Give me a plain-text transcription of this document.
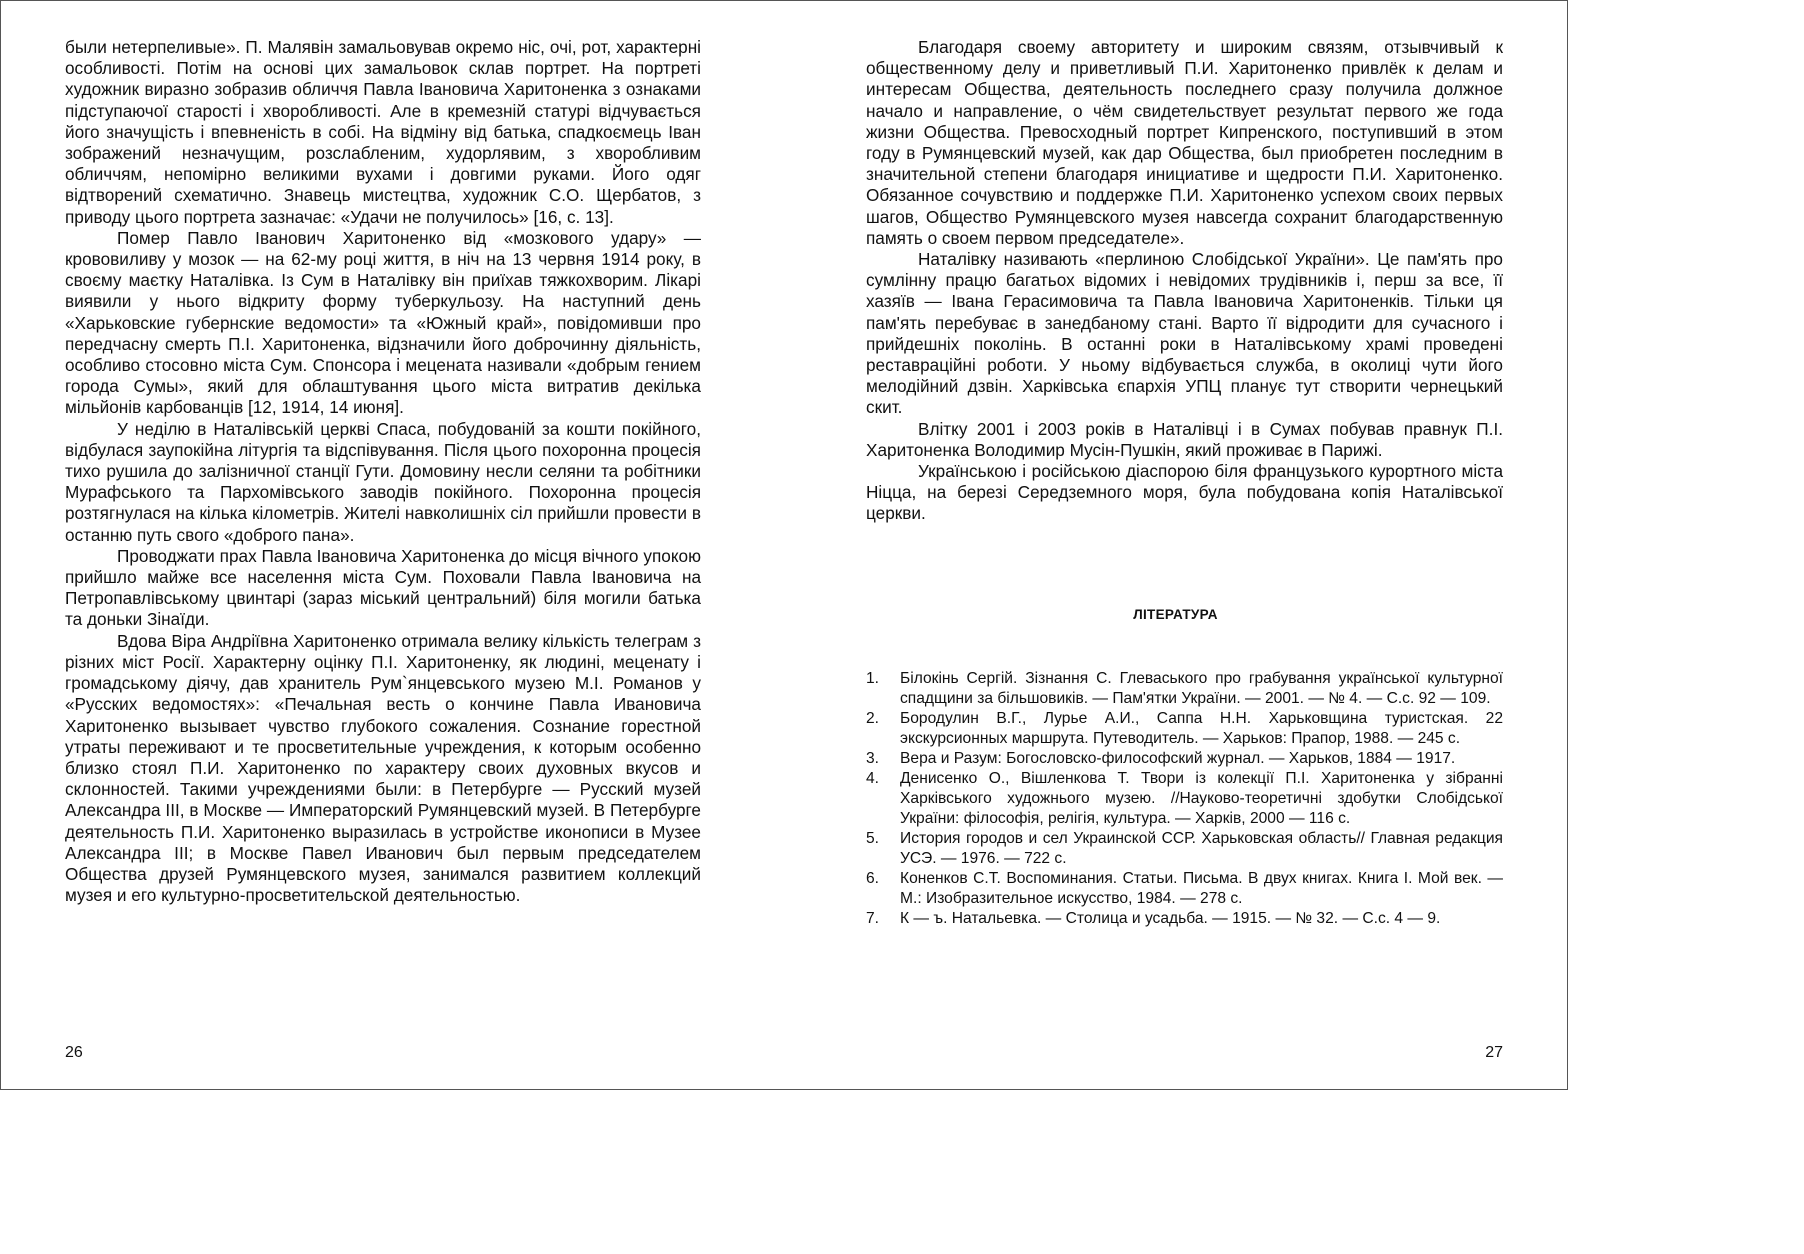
были нетерпеливые». П. Малявін замальовував окремо ніс, очі, рот, характерні особливості. Потім на основі цих замальовок склав портрет. На портреті художник виразно зобразив обличчя Павла Івановича Харитоненка з ознаками підступаючої старості і хворобливості. Але в кремезній статурі відчувається його значущість і впевненість в собі. На відміну від батька, спадкоємець Іван зображений незначущим, розслабленим, худорлявим, з хворобливим обличчям, непомірно великими вухами і довгими руками. Його одяг відтворений схематично. Знавець мистецтва, художник С.О. Щербатов, з приводу цього портрета зазначає: «Удачи не получилось» [16, с. 13].

Помер Павло Іванович Харитоненко від «мозкового удару» — крововиливу у мозок — на 62-му році життя, в ніч на 13 червня 1914 року, в своєму маєтку Наталівка. Із Сум в Наталівку він приїхав тяжкохворим. Лікарі виявили у нього відкриту форму туберкульозу. На наступний день «Харьковские губернские ведомости» та «Южный край», повідомивши про передчасну смерть П.І. Харитоненка, відзначили його доброчинну діяльність, особливо стосовно міста Сум. Спонсора і мецената називали «добрым гением города Сумы», який для облаштування цього міста витратив декілька мільйонів карбованців [12, 1914, 14 июня].

У неділю в Наталівській церкві Спаса, побудованій за кошти покійного, відбулася заупокійна літургія та відспівування. Після цього похоронна процесія тихо рушила до залізничної станції Гути. Домовину несли селяни та робітники Мурафського та Пархомівського заводів покійного. Похоронна процесія розтягнулася на кілька кілометрів. Жителі навколишніх сіл прийшли провести в останню путь свого «доброго пана».

Проводжати прах Павла Івановича Харитоненка до місця вічного упокою прийшло майже все населення міста Сум. Поховали Павла Івановича на Петропавлівському цвинтарі (зараз міський центральний) біля могили батька та доньки Зінаїди.

Вдова Віра Андріївна Харитоненко отримала велику кількість телеграм з різних міст Росії. Характерну оцінку П.І. Харитоненку, як людині, меценату і громадському діячу, дав хранитель Рум`янцевського музею М.І. Романов у «Русских ведомостях»: «Печальная весть о кончине Павла Ивановича Харитоненко вызывает чувство глубокого сожаления. Сознание горестной утраты переживают и те просветительные учреждения, к которым особенно близко стоял П.И. Харитоненко по характеру своих духовных вкусов и склонностей. Такими учреждениями были: в Петербурге — Русский музей Александра III, в Москве — Императорский Румянцевский музей. В Петербурге деятельность П.И. Харитоненко выразилась в устройстве иконописи в Музее Александра III; в Москве Павел Иванович был первым председателем Общества друзей Румянцевского музея, занимался развитием коллекций музея и его культурно-просветительской деятельностью.

26

Благодаря своему авторитету и широким связям, отзывчивый к общественному делу и приветливый П.И. Харитоненко привлёк к делам и интересам Общества, деятельность последнего сразу получила должное начало и направление, о чём свидетельствует результат первого же года жизни Общества. Превосходный портрет Кипренского, поступивший в этом году в Румянцевский музей, как дар Общества, был приобретен последним в значительной степени благодаря инициативе и щедрости П.И. Харитоненко. Обязанное сочувствию и поддержке П.И. Харитоненко успехом своих первых шагов, Общество Румянцевского музея навсегда сохранит благодарственную память о своем первом председателе».

Наталівку називають «перлиною Слобідської України». Це пам'ять про сумлінну працю багатьох відомих і невідомих трудівників і, перш за все, її хазяїв — Івана Герасимовича та Павла Івановича Харитоненків. Тільки ця пам'ять перебуває в занедбаному стані. Варто її відродити для сучасного і прийдешніх поколінь. В останні роки в Наталівському храмі проведені реставраційні роботи. У ньому відбувається служба, в околиці чути його мелодійний дзвін. Харківська єпархія УПЦ планує тут створити чернецький скит.

Влітку 2001 і 2003 років в Наталівці і в Сумах побував правнук П.І. Харитоненка Володимир Мусін-Пушкін, який проживає в Парижі.

Українською і російською діаспорою біля французького курортного міста Ніцца, на березі Середземного моря, була побудована копія Наталівської церкви.

ЛІТЕРАТУРА
1.	Білокінь Сергій. Зізнання С. Глеваського про грабування української культурної спадщини за більшовиків. — Пам'ятки України. — 2001. — № 4. — С.с. 92 — 109.
2.	Бородулин В.Г., Лурье А.И., Саппа Н.Н. Харьковщина туристская. 22 экскурсионных маршрута. Путеводитель. — Харьков: Прапор, 1988. — 245 с.
3.	Вера и Разум: Богословско-философский журнал. — Харьков, 1884 — 1917.
4.	Денисенко О., Вішленкова Т. Твори із колекції П.І. Харитоненка у зібранні Харківського художнього музею. //Науково-теоретичні здобутки Слобідської України: філософія, релігія, культура. — Харків, 2000 — 116 с.
5.	История городов и сел Украинской ССР. Харьковская область// Главная редакция УСЭ. — 1976. — 722 с.
6.	Коненков С.Т. Воспоминания. Статьи. Письма. В двух книгах. Книга I. Мой век. — М.: Изобразительное искусство, 1984. — 278 с.
7.	К — ъ. Натальевка. — Столица и усадьба. — 1915. — № 32. — С.с. 4 — 9.
27
